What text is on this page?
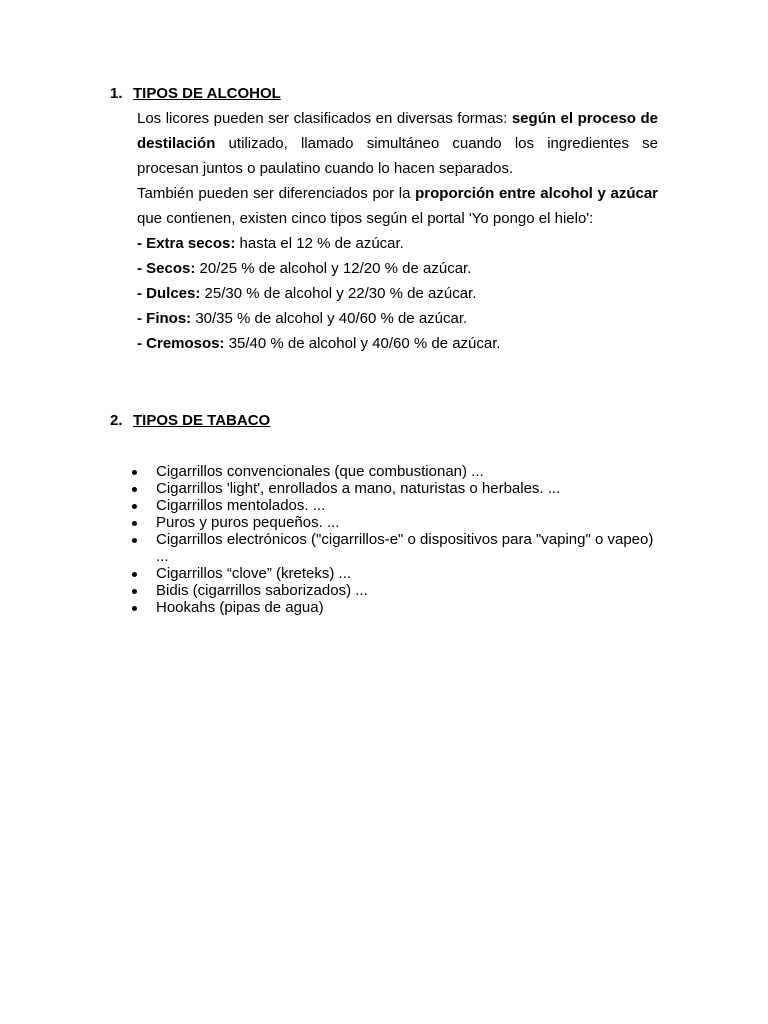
1. TIPOS DE ALCOHOL

Los licores pueden ser clasificados en diversas formas: según el proceso de destilación utilizado, llamado simultáneo cuando los ingredientes se procesan juntos o paulatino cuando lo hacen separados.

También pueden ser diferenciados por la proporción entre alcohol y azúcar que contienen, existen cinco tipos según el portal 'Yo pongo el hielo':

- Extra secos: hasta el 12 % de azúcar.

- Secos: 20/25 % de alcohol y 12/20 % de azúcar.

- Dulces: 25/30 % de alcohol y 22/30 % de azúcar.

- Finos: 30/35 % de alcohol y 40/60 % de azúcar.

- Cremosos: 35/40 % de alcohol y 40/60 % de azúcar.

2. TIPOS DE TABACO
Cigarrillos convencionales (que combustionan) ...
Cigarrillos 'light', enrollados a mano, naturistas o herbales. ...
Cigarrillos mentolados. ...
Puros y puros pequeños. ...
Cigarrillos electrónicos ("cigarrillos-e" o dispositivos para "vaping" o vapeo) ...
Cigarrillos “clove” (kreteks) ...
Bidis (cigarrillos saborizados) ...
Hookahs (pipas de agua)
